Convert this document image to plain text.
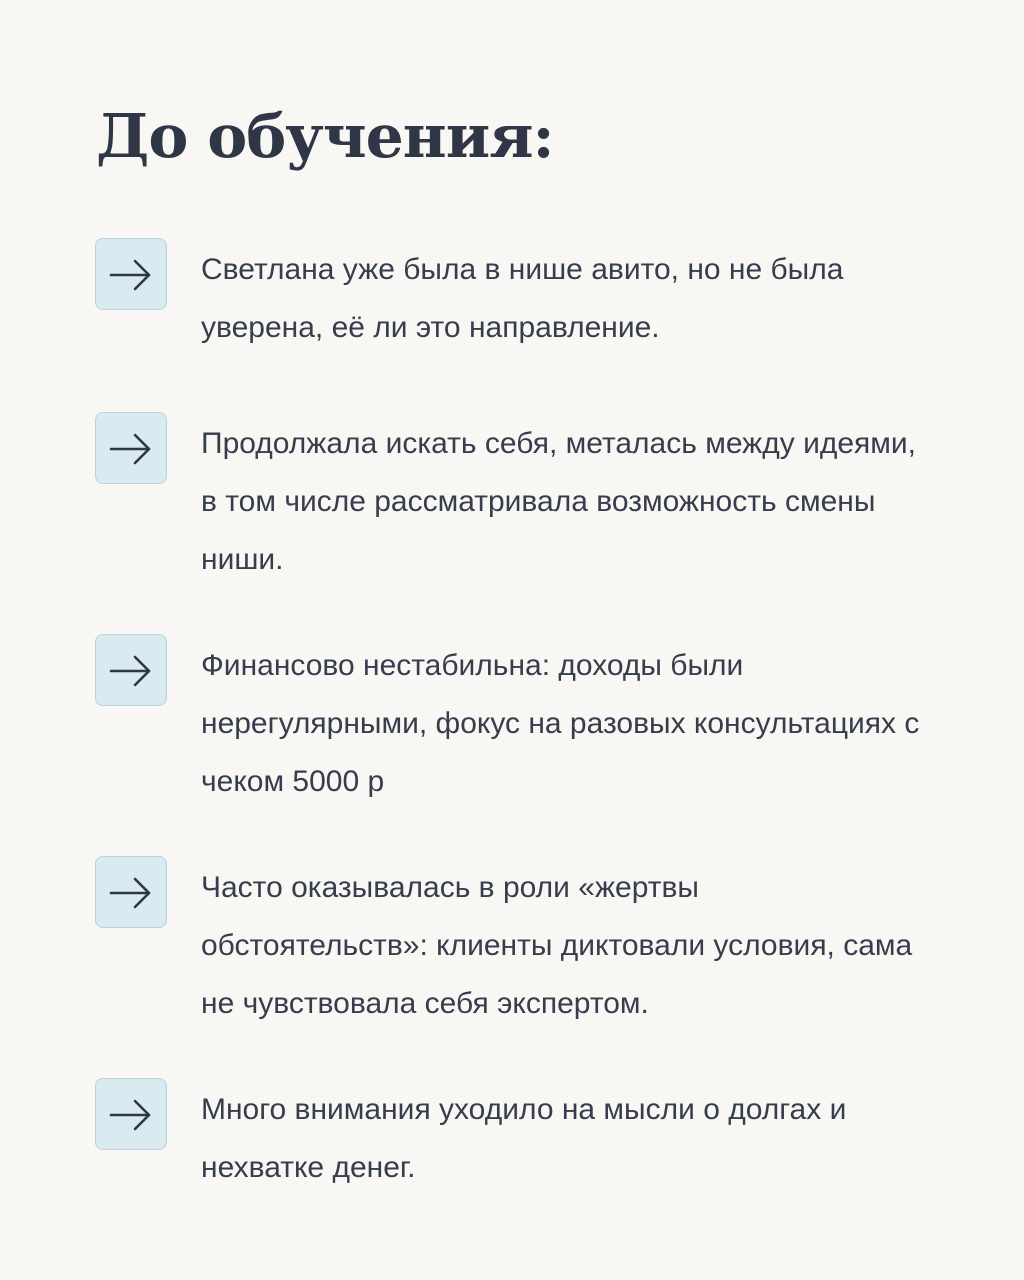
До обучения:

Светлана уже была в нише авито, но не была уверена, её ли это направление.

Продолжала искать себя, металась между идеями, в том числе рассматривала возможность смены ниши.

Финансово нестабильна: доходы были нерегулярными, фокус на разовых консультациях с чеком 5000 р

Часто оказывалась в роли «жертвы обстоятельств»: клиенты диктовали условия, сама не чувствовала себя экспертом.

Много внимания уходило на мысли о долгах и нехватке денег.
